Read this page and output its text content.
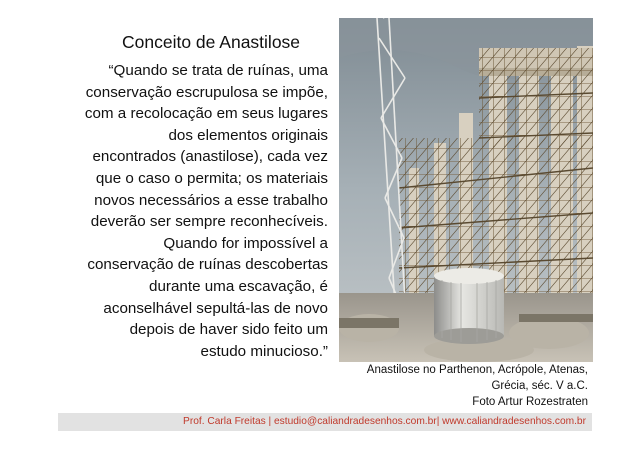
Conceito de Anastilose
“Quando se trata de ruínas, uma
conservação escrupulosa se impõe,
com a recolocação em seus lugares
dos elementos originais
encontrados (anastilose), cada vez
que o caso o permita; os materiais
novos necessários a esse trabalho
deverão ser sempre reconhecíveis.
Quando for impossível a
conservação de ruínas descobertas
durante uma escavação, é
aconselhável sepultá-las de novo
depois de haver sido feito um
estudo minucioso.”
Anastilose no Parthenon, Acrópole, Atenas,
Grécia, séc. V a.C.
Foto Artur Rozestraten
Prof. Carla Freitas | estudio@caliandradesenhos.com.br| www.caliandradesenhos.com.br
